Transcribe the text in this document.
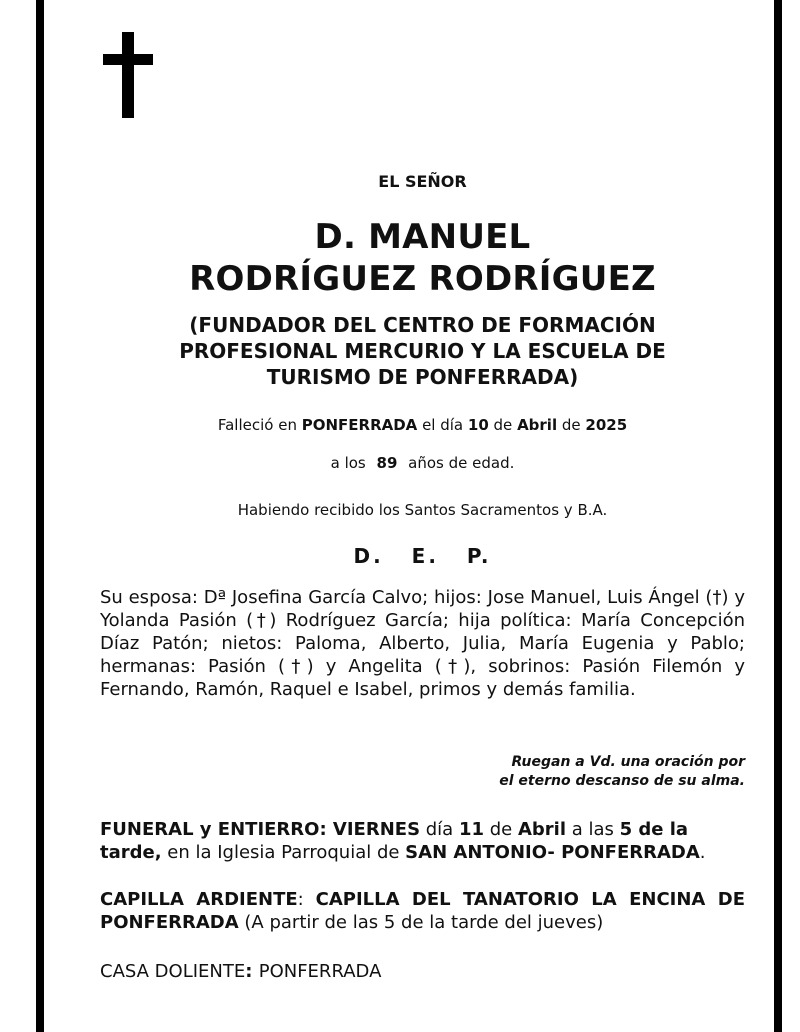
EL SEÑOR
D. MANUEL
RODRÍGUEZ RODRÍGUEZ
(FUNDADOR DEL CENTRO DE FORMACIÓN
PROFESIONAL MERCURIO Y LA ESCUELA DE
TURISMO DE PONFERRADA)
Falleció en PONFERRADA el día 10 de Abril de 2025
a los 89 años de edad.
Habiendo recibido los Santos Sacramentos y B.A.
D. E. P.
Su esposa: Dª Josefina García Calvo; hijos: Jose Manuel, Luis Ángel (†) y Yolanda Pasión (†) Rodríguez García; hija política: María Concepción Díaz Patón; nietos: Paloma, Alberto, Julia, María Eugenia y Pablo; hermanas: Pasión (†) y Angelita (†), sobrinos: Pasión Filemón y Fernando, Ramón, Raquel e Isabel, primos y demás familia.
Ruegan a Vd. una oración por
el eterno descanso de su alma.
FUNERAL y ENTIERRO: VIERNES día 11 de Abril a las 5 de la tarde, en la Iglesia Parroquial de SAN ANTONIO- PONFERRADA.
CAPILLA ARDIENTE: CAPILLA DEL TANATORIO LA ENCINA DE PONFERRADA (A partir de las 5 de la tarde del jueves)
CASA DOLIENTE: PONFERRADA
